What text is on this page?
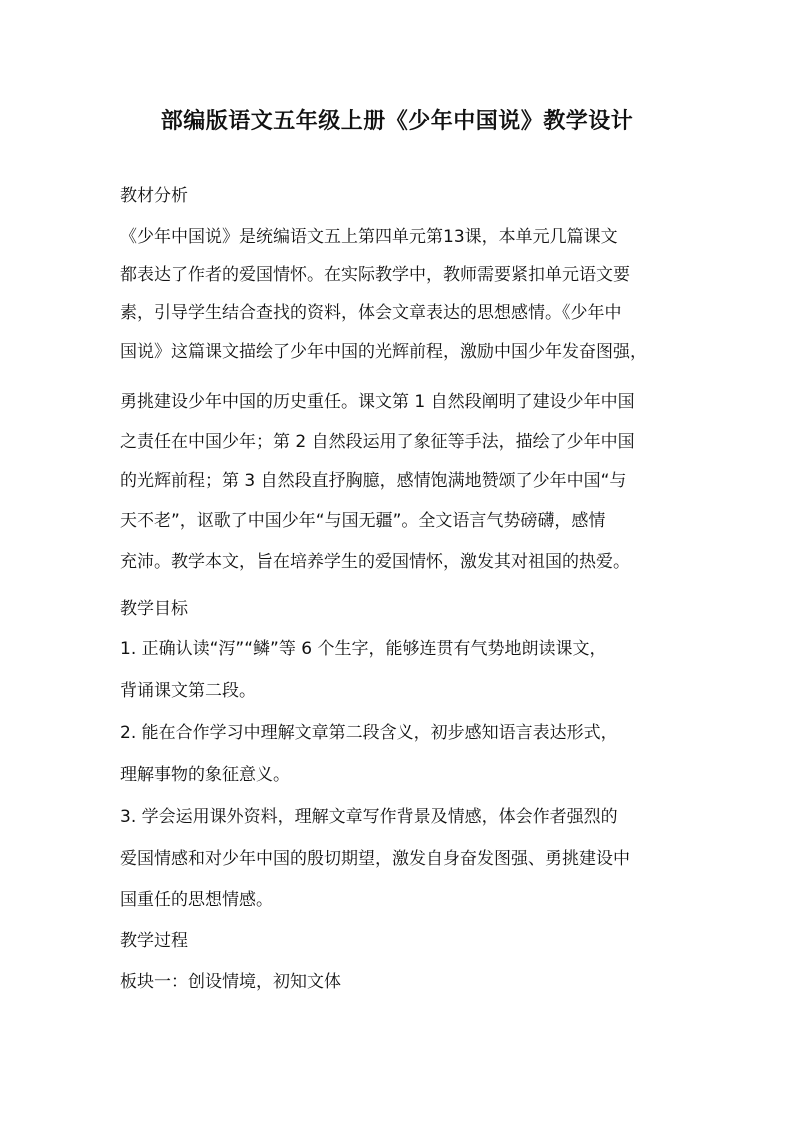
部编版语文五年级上册《少年中国说》教学设计
教材分析
《少年中国说》是统编语文五上第四单元第13课，本单元几篇课文
都表达了作者的爱国情怀。在实际教学中，教师需要紧扣单元语文要
素，引导学生结合查找的资料，体会文章表达的思想感情。《少年中
国说》这篇课文描绘了少年中国的光辉前程，激励中国少年发奋图强，
勇挑建设少年中国的历史重任。课文第 1 自然段阐明了建设少年中国
之责任在中国少年；第 2 自然段运用了象征等手法，描绘了少年中国
的光辉前程；第 3 自然段直抒胸臆，感情饱满地赞颂了少年中国“与
天不老”，讴歌了中国少年“与国无疆”。全文语言气势磅礴，感情
充沛。教学本文，旨在培养学生的爱国情怀，激发其对祖国的热爱。
教学目标
1. 正确认读“泻”“鳞”等 6 个生字，能够连贯有气势地朗读课文，
背诵课文第二段。
2. 能在合作学习中理解文章第二段含义，初步感知语言表达形式，
理解事物的象征意义。
3. 学会运用课外资料，理解文章写作背景及情感，体会作者强烈的
爱国情感和对少年中国的殷切期望，激发自身奋发图强、勇挑建设中
国重任的思想情感。
教学过程
板块一：创设情境，初知文体
